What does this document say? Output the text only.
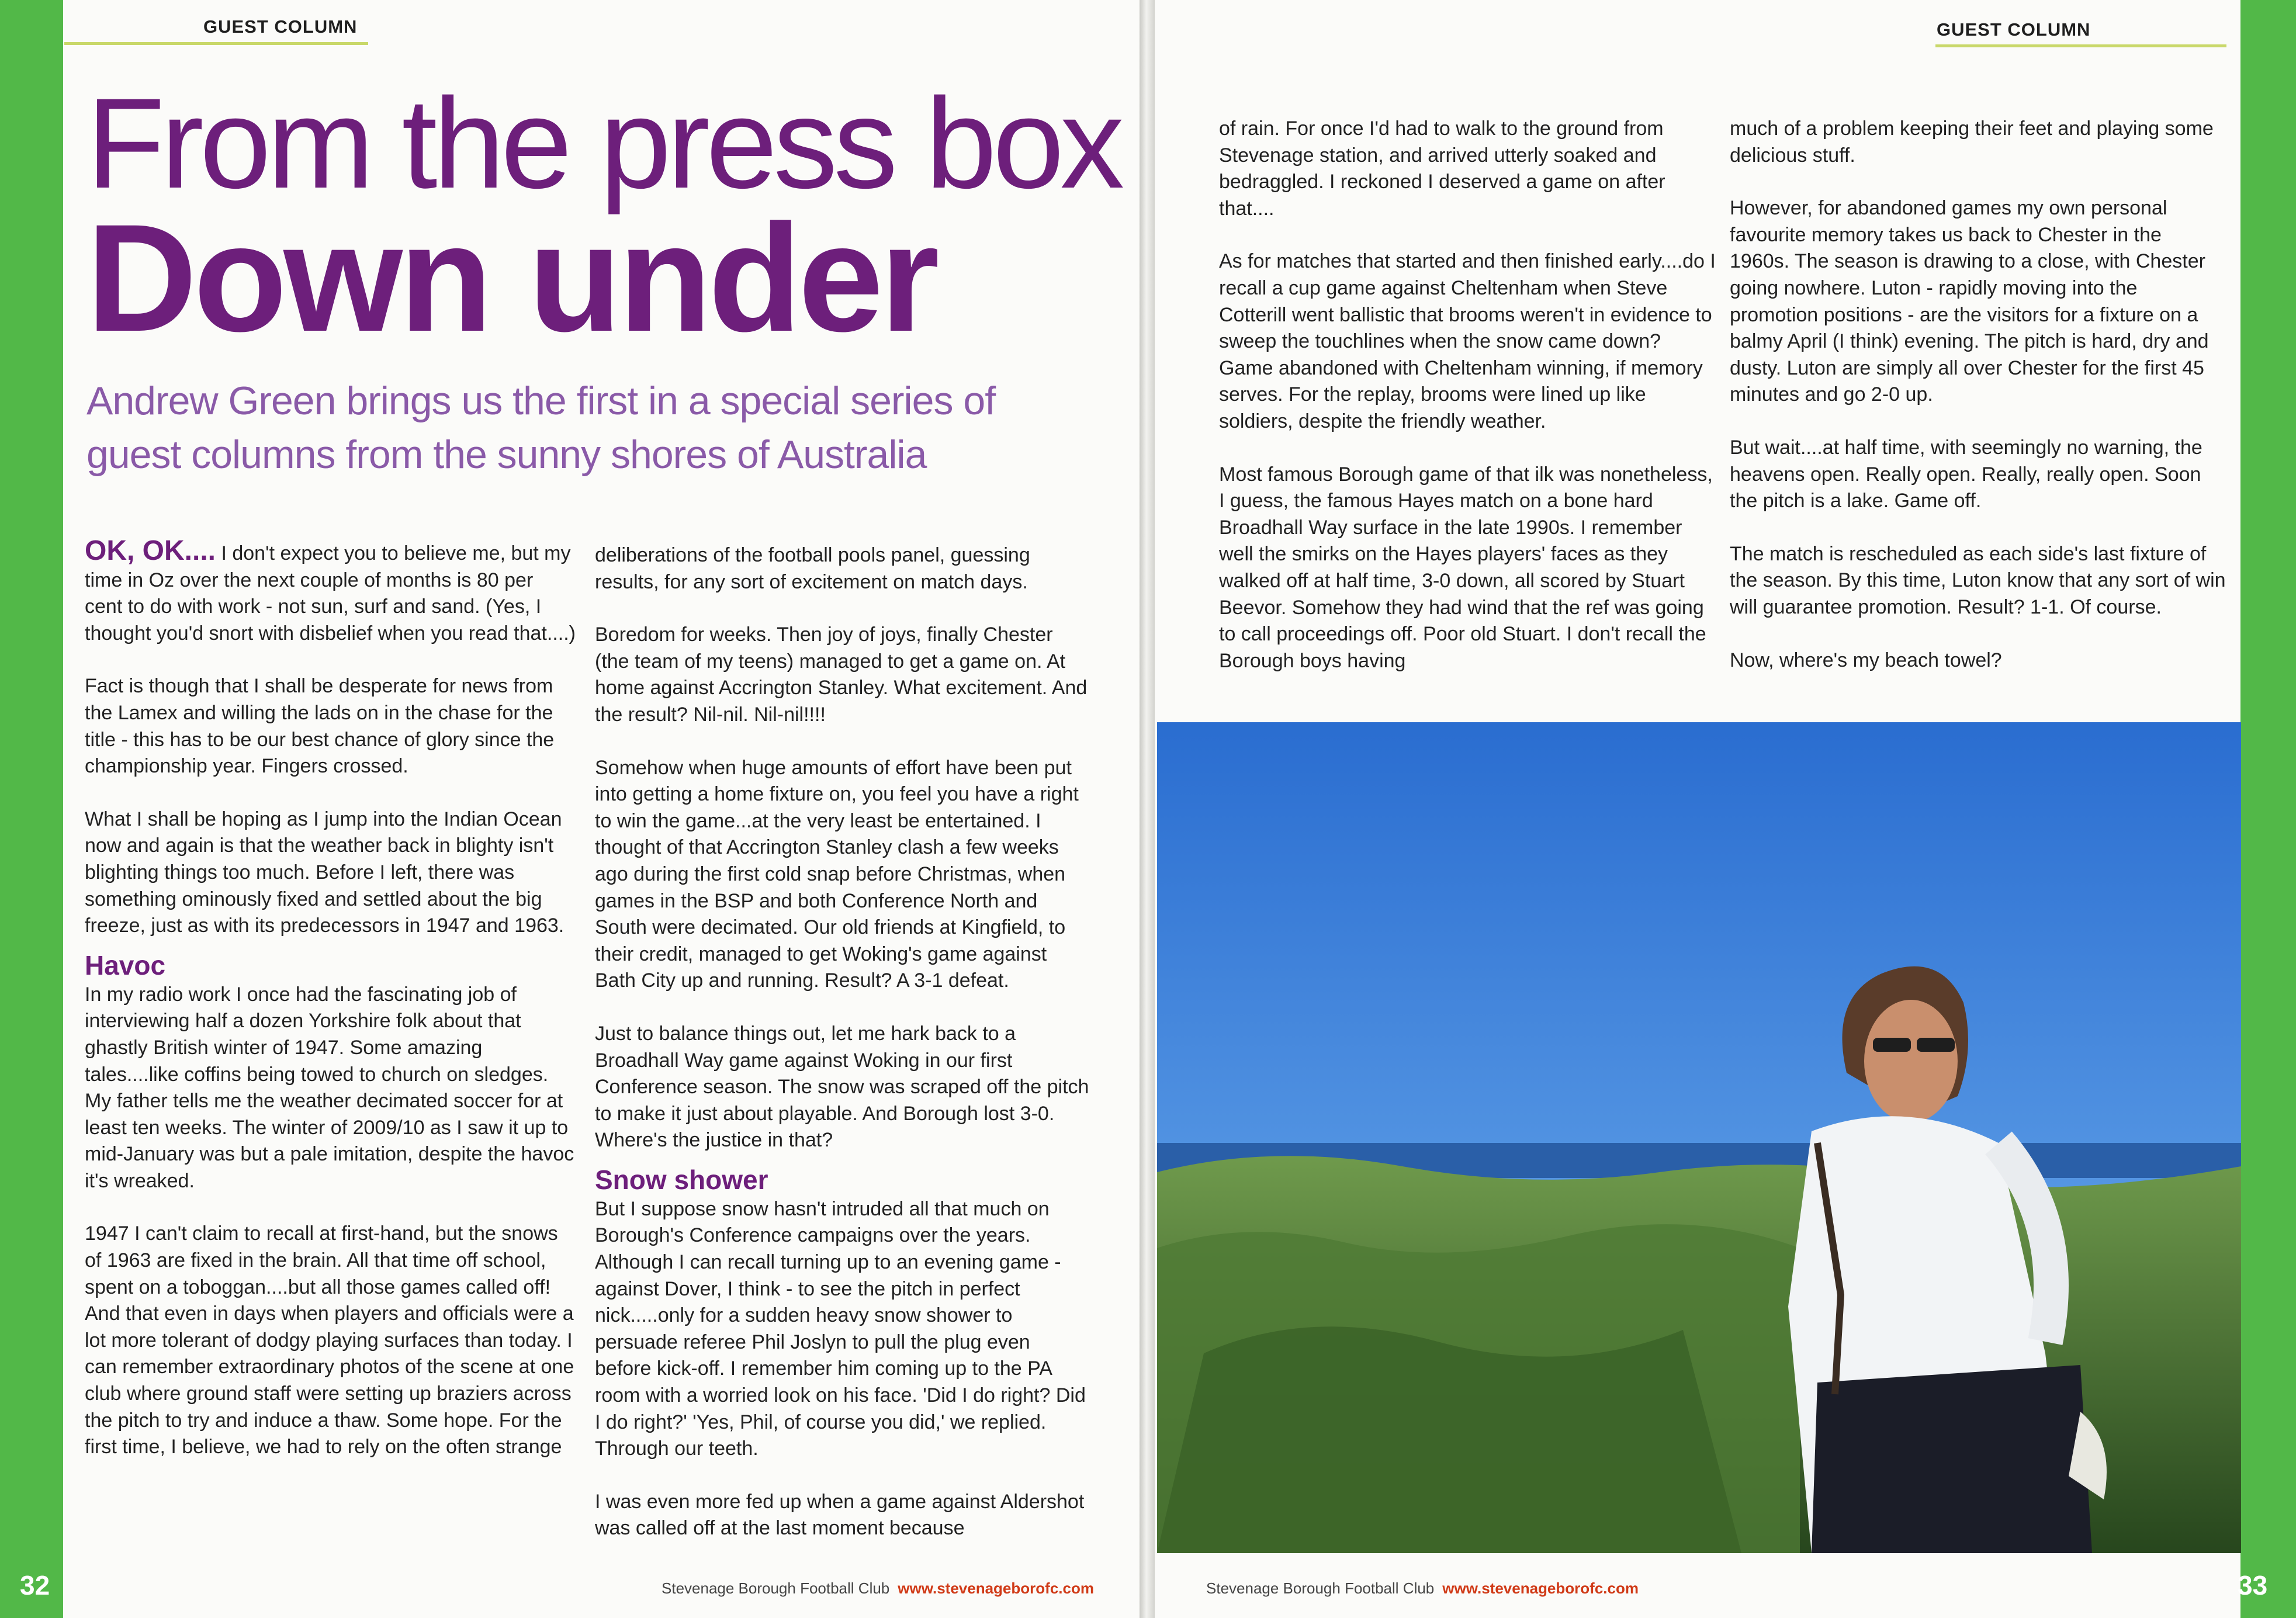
GUEST COLUMN
From the press box
Down under
Andrew Green brings us the first in a special series of guest columns from the sunny shores of Australia

OK, OK.... I don't expect you to believe me, but my time in Oz over the next couple of months is 80 per cent to do with work - not sun, surf and sand. (Yes, I thought you'd snort with disbelief when you read that....)

Fact is though that I shall be desperate for news from the Lamex and willing the lads on in the chase for the title - this has to be our best chance of glory since the championship year. Fingers crossed.

What I shall be hoping as I jump into the Indian Ocean now and again is that the weather back in blighty isn't blighting things too much. Before I left, there was something ominously fixed and settled about the big freeze, just as with its predecessors in 1947 and 1963.

Havoc

In my radio work I once had the fascinating job of interviewing half a dozen Yorkshire folk about that ghastly British winter of 1947. Some amazing tales....like coffins being towed to church on sledges. My father tells me the weather decimated soccer for at least ten weeks. The winter of 2009/10 as I saw it up to mid-January was but a pale imitation, despite the havoc it's wreaked.

1947 I can't claim to recall at first-hand, but the snows of 1963 are fixed in the brain. All that time off school, spent on a toboggan....but all those games called off! And that even in days when players and officials were a lot more tolerant of dodgy playing surfaces than today. I can remember extraordinary photos of the scene at one club where ground staff were setting up braziers across the pitch to try and induce a thaw. Some hope. For the first time, I believe, we had to rely on the often strange

deliberations of the football pools panel, guessing results, for any sort of excitement on match days.

Boredom for weeks. Then joy of joys, finally Chester (the team of my teens) managed to get a game on. At home against Accrington Stanley. What excitement. And the result? Nil-nil. Nil-nil!!!!

Somehow when huge amounts of effort have been put into getting a home fixture on, you feel you have a right to win the game...at the very least be entertained. I thought of that Accrington Stanley clash a few weeks ago during the first cold snap before Christmas, when games in the BSP and both Conference North and South were decimated. Our old friends at Kingfield, to their credit, managed to get Woking's game against Bath City up and running. Result? A 3-1 defeat.

Just to balance things out, let me hark back to a Broadhall Way game against Woking in our first Conference season. The snow was scraped off the pitch to make it just about playable. And Borough lost 3-0. Where's the justice in that?

Snow shower

But I suppose snow hasn't intruded all that much on Borough's Conference campaigns over the years. Although I can recall turning up to an evening game - against Dover, I think - to see the pitch in perfect nick.....only for a sudden heavy snow shower to persuade referee Phil Joslyn to pull the plug even before kick-off. I remember him coming up to the PA room with a worried look on his face. 'Did I do right? Did I do right?' 'Yes, Phil, of course you did,' we replied. Through our teeth.

I was even more fed up when a game against Aldershot was called off at the last moment because

32	Stevenage Borough Football Club www.stevenageborofc.com
GUEST COLUMN

of rain. For once I'd had to walk to the ground from Stevenage station, and arrived utterly soaked and bedraggled. I reckoned I deserved a game on after that....

As for matches that started and then finished early....do I recall a cup game against Cheltenham when Steve Cotterill went ballistic that brooms weren't in evidence to sweep the touchlines when the snow came down? Game abandoned with Cheltenham winning, if memory serves. For the replay, brooms were lined up like soldiers, despite the friendly weather.

Most famous Borough game of that ilk was nonetheless, I guess, the famous Hayes match on a bone hard Broadhall Way surface in the late 1990s. I remember well the smirks on the Hayes players' faces as they walked off at half time, 3-0 down, all scored by Stuart Beevor. Somehow they had wind that the ref was going to call proceedings off. Poor old Stuart. I don't recall the Borough boys having

much of a problem keeping their feet and playing some delicious stuff.

However, for abandoned games my own personal favourite memory takes us back to Chester in the 1960s. The season is drawing to a close, with Chester going nowhere. Luton - rapidly moving into the promotion positions - are the visitors for a fixture on a balmy April (I think) evening. The pitch is hard, dry and dusty. Luton are simply all over Chester for the first 45 minutes and go 2-0 up.

But wait....at half time, with seemingly no warning, the heavens open. Really open. Really, really open. Soon the pitch is a lake. Game off.

The match is rescheduled as each side's last fixture of the season. By this time, Luton know that any sort of win will guarantee promotion. Result? 1-1. Of course.

Now, where's my beach towel?

Stevenage Borough Football Club www.stevenageborofc.com	33
